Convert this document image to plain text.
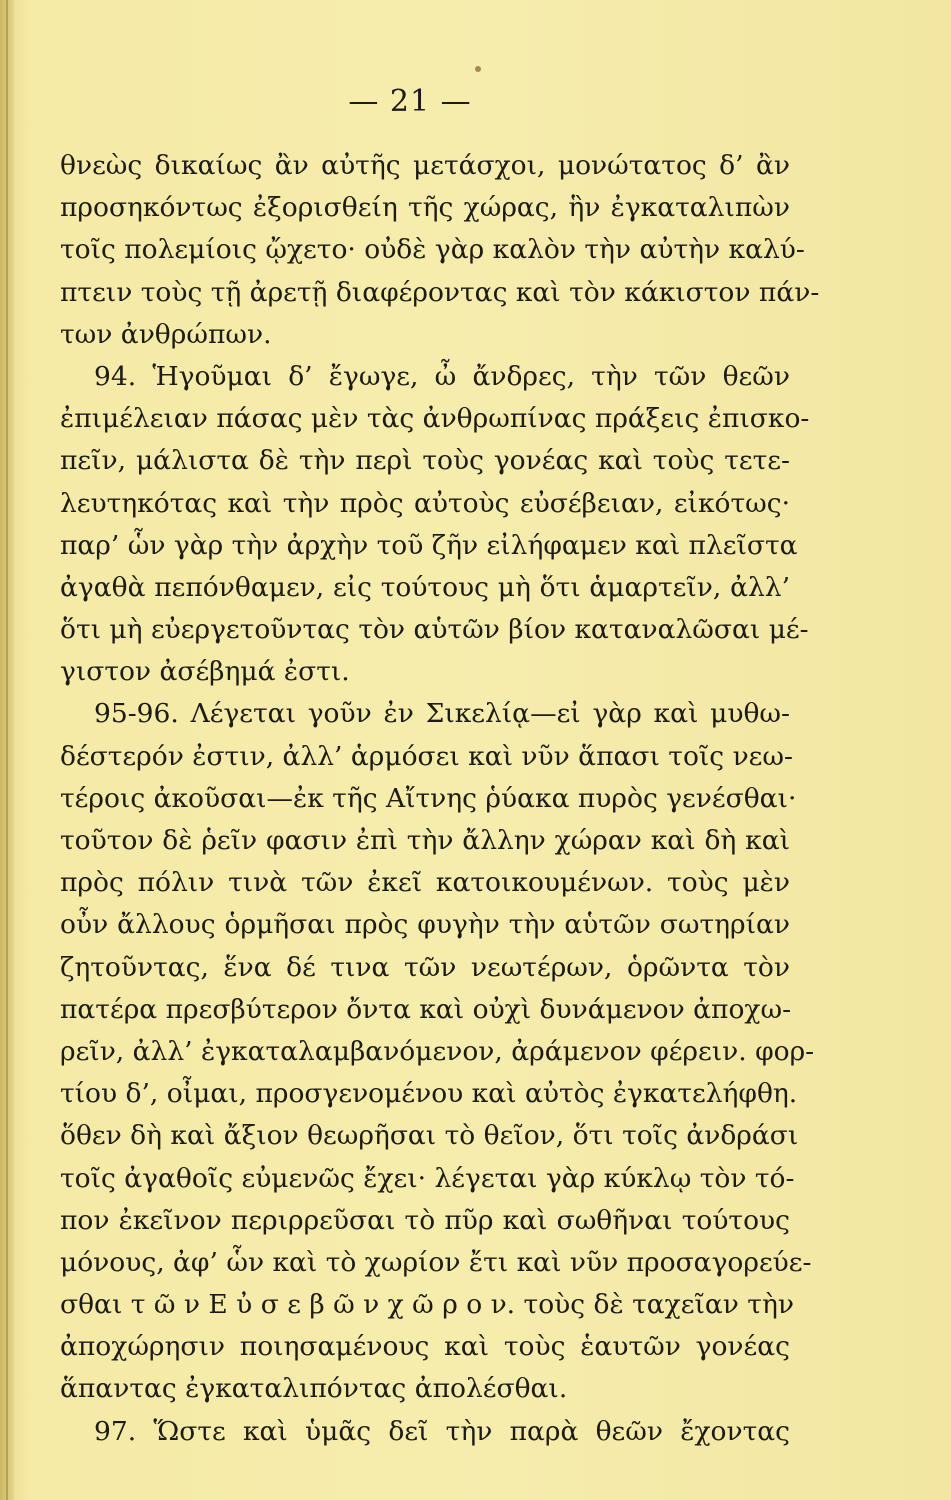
— 21 —
θνεὼς δικαίως ἂν αὐτῆς μετάσχοι, μονώτατος δ’ ἂν
προσηκόντως ἐξορισθείη τῆς χώρας, ἣν ἐγκαταλιπὼν
τοῖς πολεμίοις ᾤχετο· οὐδὲ γὰρ καλὸν τὴν αὐτὴν καλύ-
πτειν τοὺς τῇ ἀρετῇ διαφέροντας καὶ τὸν κάκιστον πάν-
των ἀνθρώπων.
94. Ἡγοῦμαι δ’ ἔγωγε, ὦ ἄνδρες, τὴν τῶν θεῶν
ἐπιμέλειαν πάσας μὲν τὰς ἀνθρωπίνας πράξεις ἐπισκο-
πεῖν, μάλιστα δὲ τὴν περὶ τοὺς γονέας καὶ τοὺς τετε-
λευτηκότας καὶ τὴν πρὸς αὐτοὺς εὐσέβειαν, εἰκότως·
παρ’ ὧν γὰρ τὴν ἀρχὴν τοῦ ζῆν εἰλήφαμεν καὶ πλεῖστα
ἀγαθὰ πεπόνθαμεν, εἰς τούτους μὴ ὅτι ἁμαρτεῖν, ἀλλ’
ὅτι μὴ εὐεργετοῦντας τὸν αὑτῶν βίον καταναλῶσαι μέ-
γιστον ἀσέβημά ἐστι.
95-96. Λέγεται γοῦν ἐν Σικελίᾳ—εἰ γὰρ καὶ μυθω-
δέστερόν ἐστιν, ἀλλ’ ἁρμόσει καὶ νῦν ἅπασι τοῖς νεω-
τέροις ἀκοῦσαι—ἐκ τῆς Αἴτνης ῥύακα πυρὸς γενέσθαι·
τοῦτον δὲ ῥεῖν φασιν ἐπὶ τὴν ἄλλην χώραν καὶ δὴ καὶ
πρὸς πόλιν τινὰ τῶν ἐκεῖ κατοικουμένων. τοὺς μὲν
οὖν ἄλλους ὁρμῆσαι πρὸς φυγὴν τὴν αὑτῶν σωτηρίαν
ζητοῦντας, ἕνα δέ τινα τῶν νεωτέρων, ὁρῶντα τὸν
πατέρα πρεσβύτερον ὄντα καὶ οὐχὶ δυνάμενον ἀποχω-
ρεῖν, ἀλλ’ ἐγκαταλαμβανόμενον, ἀράμενον φέρειν. φορ-
τίου δ’, οἶμαι, προσγενομένου καὶ αὐτὸς ἐγκατελήφθη.
ὅθεν δὴ καὶ ἄξιον θεωρῆσαι τὸ θεῖον, ὅτι τοῖς ἀνδράσι
τοῖς ἀγαθοῖς εὐμενῶς ἔχει· λέγεται γὰρ κύκλῳ τὸν τό-
πον ἐκεῖνον περιρρεῦσαι τὸ πῦρ καὶ σωθῆναι τούτους
μόνους, ἀφ’ ὧν καὶ τὸ χωρίον ἔτι καὶ νῦν προσαγορεύε-
σθαι τ ῶ ν Ε ὐ σ ε β ῶ ν χ ῶ ρ ο ν. τοὺς δὲ ταχεῖαν τὴν
ἀποχώρησιν ποιησαμένους καὶ τοὺς ἑαυτῶν γονέας
ἅπαντας ἐγκαταλιπόντας ἀπολέσθαι.
97. Ὥστε καὶ ὑμᾶς δεῖ τὴν παρὰ θεῶν ἔχοντας
